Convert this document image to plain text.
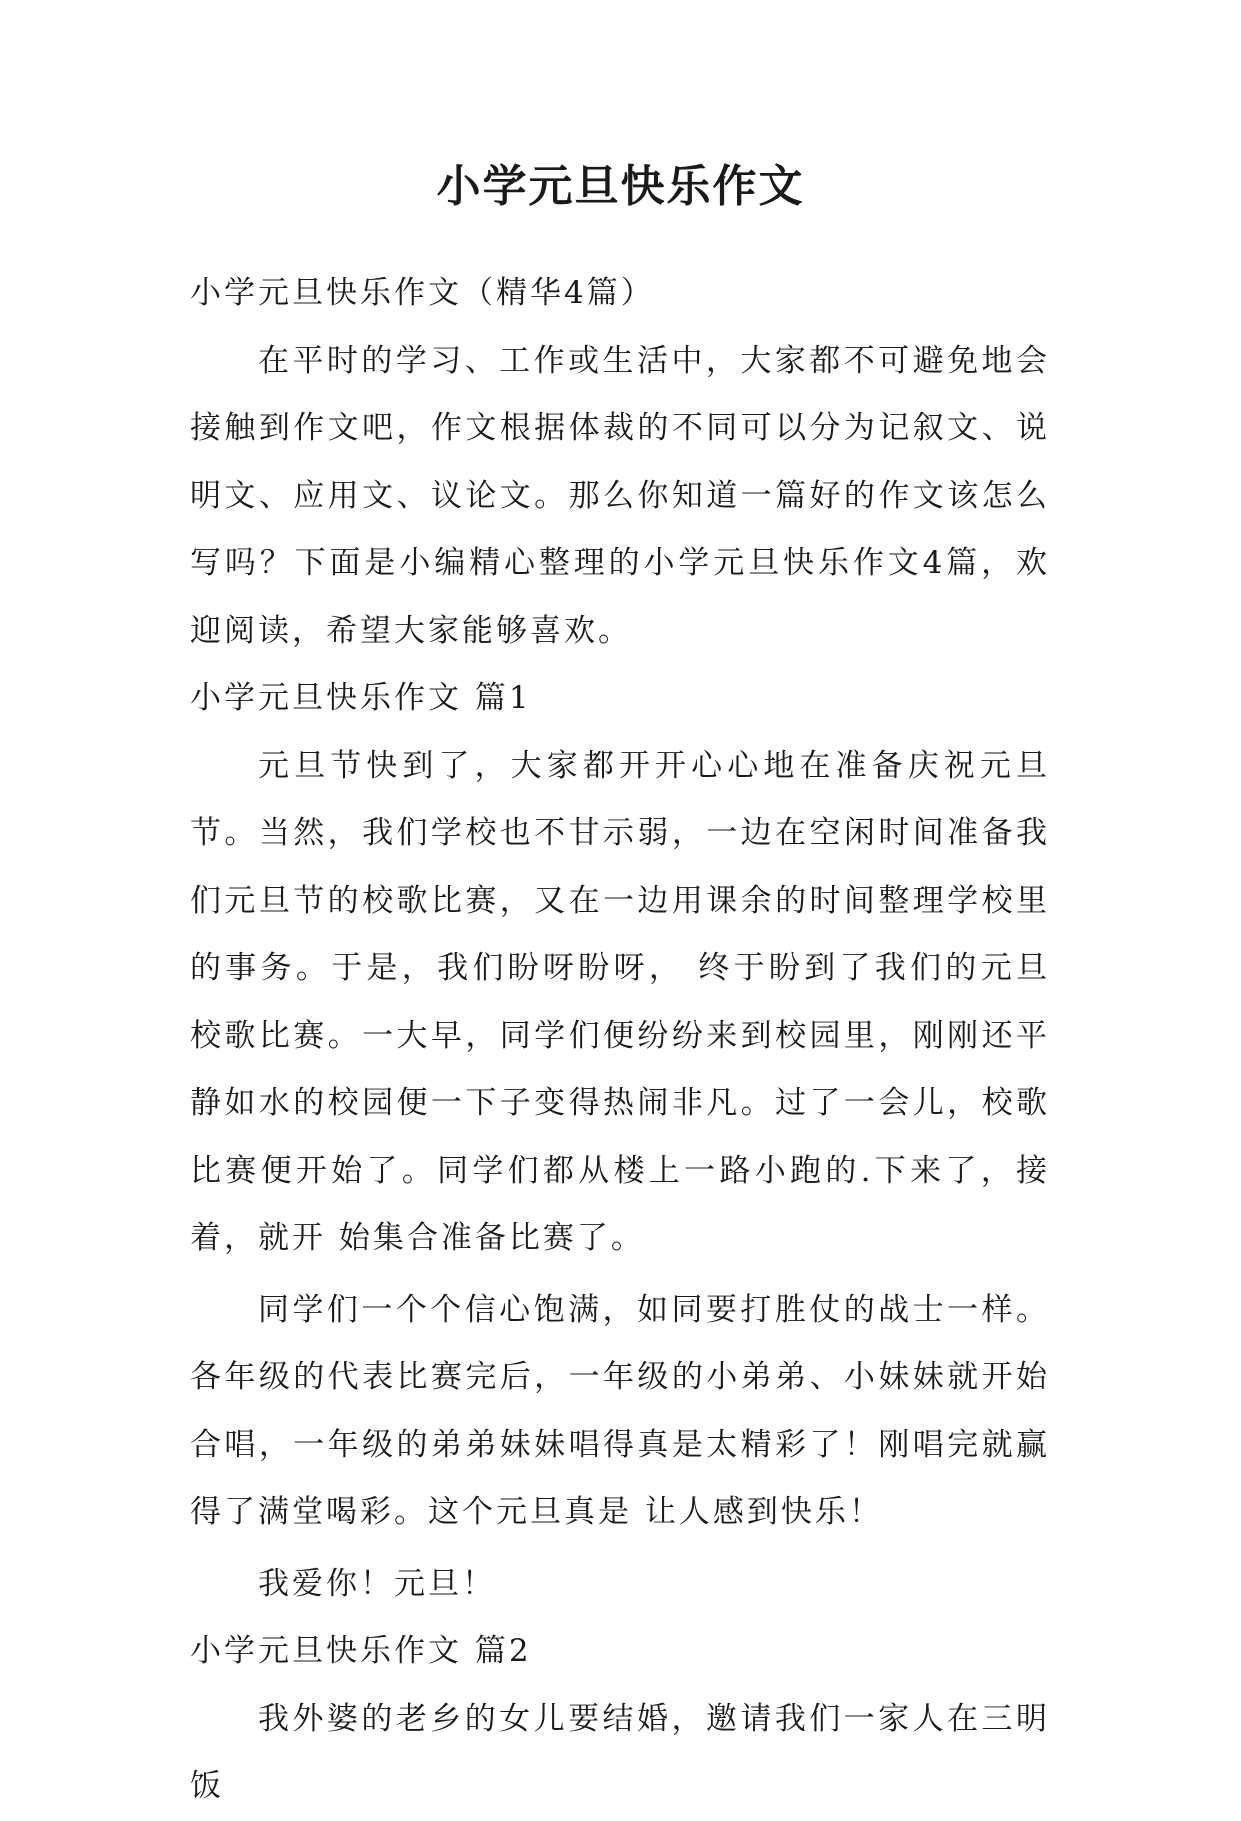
小学元旦快乐作文

小学元旦快乐作文（精华4篇）

在平时的学习、工作或生活中，大家都不可避免地会接触到作文吧，作文根据体裁的不同可以分为记叙文、说明文、应用文、议论文。那么你知道一篇好的作文该怎么写吗？下面是小编精心整理的小学元旦快乐作文4篇，欢迎阅读，希望大家能够喜欢。

小学元旦快乐作文 篇1

元旦节快到了，大家都开开心心地在准备庆祝元旦节。当然，我们学校也不甘示弱，一边在空闲时间准备我们元旦节的校歌比赛，又在一边用课余的时间整理学校里的事务。于是，我们盼呀盼呀， 终于盼到了我们的元旦校歌比赛。一大早，同学们便纷纷来到校园里，刚刚还平静如水的校园便一下子变得热闹非凡。过了一会儿，校歌比赛便开始了。同学们都从楼上一路小跑的.下来了，接着，就开 始集合准备比赛了。

同学们一个个信心饱满，如同要打胜仗的战士一样。各年级的代表比赛完后，一年级的小弟弟、小妹妹就开始合唱，一年级的弟弟妹妹唱得真是太精彩了！刚唱完就赢得了满堂喝彩。这个元旦真是 让人感到快乐！

我爱你！元旦！

小学元旦快乐作文 篇2

我外婆的老乡的女儿要结婚，邀请我们一家人在三明饭
